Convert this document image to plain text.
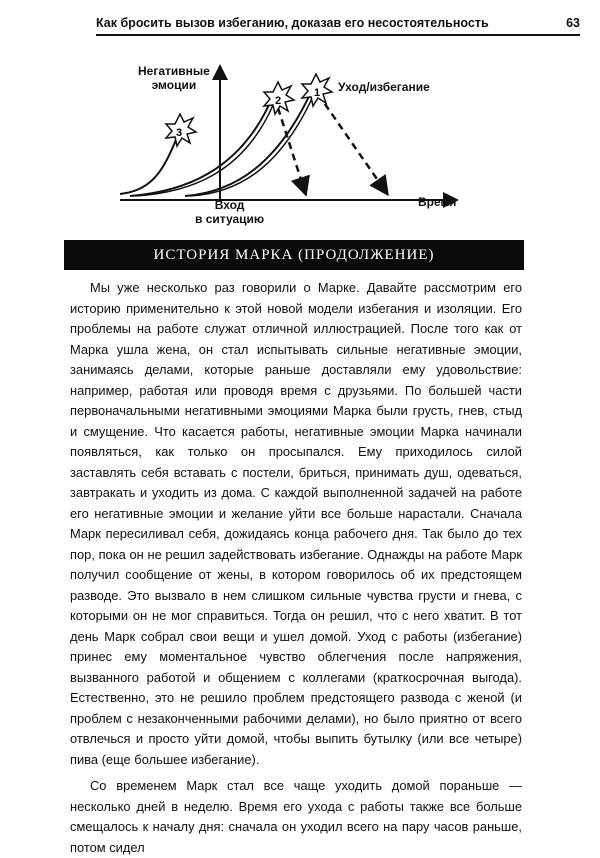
Как бросить вызов избеганию, доказав его несостоятельность	63
3
2
1
Негативные
эмоции	Уход/избегание
Вход
в ситуацию
Время
ИСТОРИЯ МАРКА (ПРОДОЛЖЕНИЕ)

Мы уже несколько раз говорили о Марке. Давайте рассмотрим его историю применительно к этой новой модели избегания и изоляции. Его проблемы на работе служат отличной иллюстрацией. После того как от Марка ушла жена, он стал испытывать сильные негативные эмоции, занимаясь делами, которые раньше доставляли ему удовольствие: например, работая или проводя время с друзьями. По большей части первоначальными негативными эмоциями Марка были грусть, гнев, стыд и смущение. Что касается работы, негативные эмоции Марка начинали появляться, как только он просыпался. Ему приходилось силой заставлять себя вставать с постели, бриться, принимать душ, одеваться, завтракать и уходить из дома. С каждой выполненной задачей на работе его негативные эмоции и желание уйти все больше нарастали. Сначала Марк пересиливал себя, дожидаясь конца рабочего дня. Так было до тех пор, пока он не решил задействовать избегание. Однажды на работе Марк получил сообщение от жены, в котором говорилось об их предстоящем разводе. Это вызвало в нем слишком сильные чувства грусти и гнева, с которыми он не мог справиться. Тогда он решил, что с него хватит. В тот день Марк собрал свои вещи и ушел домой. Уход с работы (избегание) принес ему моментальное чувство облегчения после напряжения, вызванного работой и общением с коллегами (краткосрочная выгода). Естественно, это не решило проблем предстоящего развода с женой (и проблем с незаконченными рабочими делами), но было приятно от всего отвлечься и просто уйти домой, чтобы выпить бутылку (или все четыре) пива (еще большее избегание).

Со временем Марк стал все чаще уходить домой пораньше — несколько дней в неделю. Время его ухода с работы также все больше смещалось к началу дня: сначала он уходил всего на пару часов раньше, потом сидел
